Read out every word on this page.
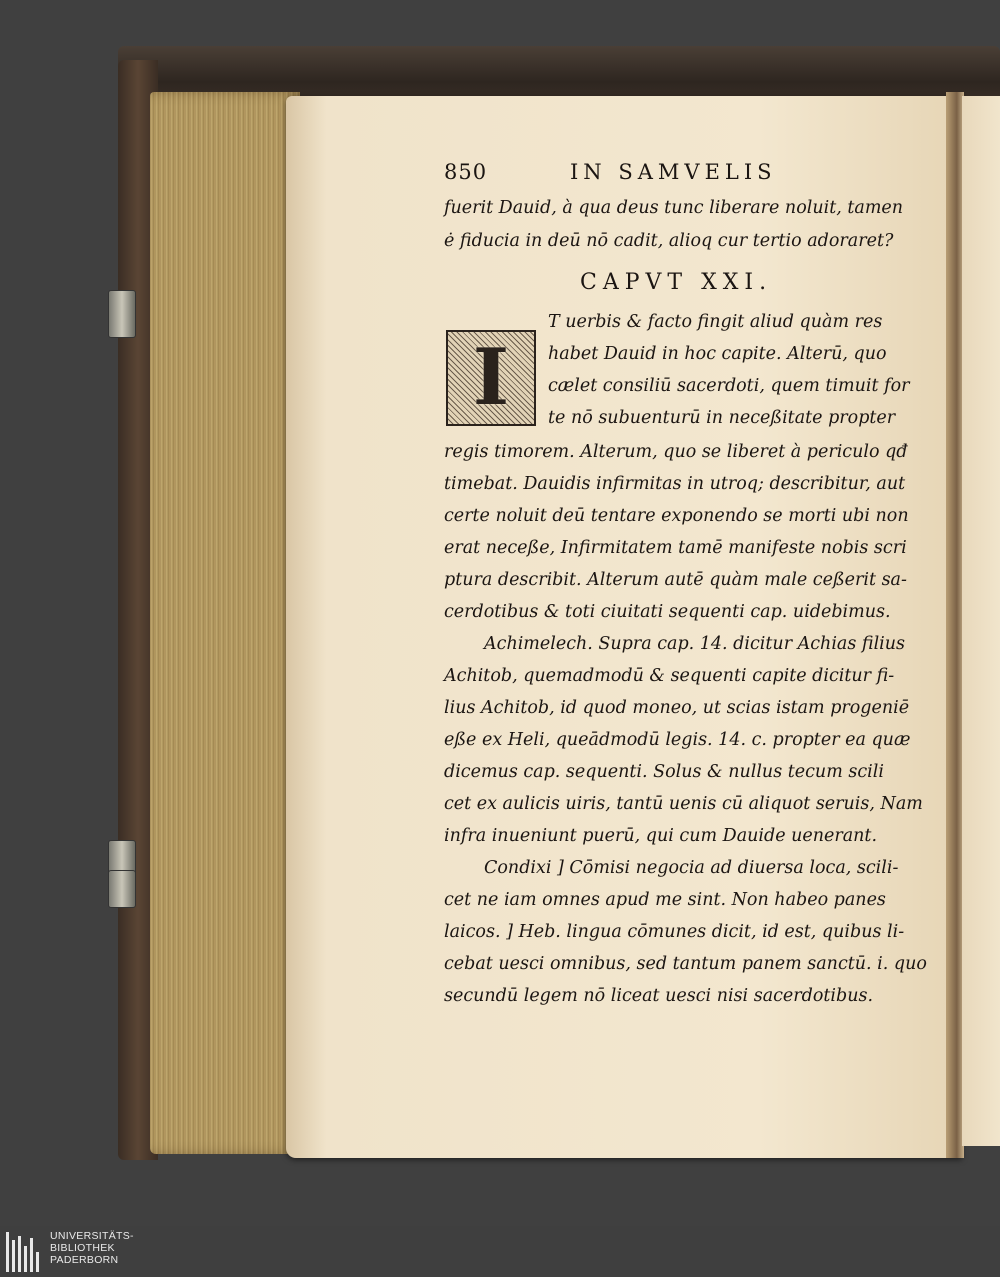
850	IN SAMVELIS
fuerit Dauid, à qua deus tunc liberare noluit, tamen
ė fiducia in deū nō cadit, alioq cur tertio adoraret?
T uerbis & facto fingit aliud quàm res
habet Dauid in hoc capite. Alterū, quo
cælet consiliū sacerdoti, quem timuit for
te nō subuenturū in neceßitate propter
regis timorem. Alterum, quo se liberet à periculo qđ
timebat. Dauidis infirmitas in utroq; describitur, aut
certe noluit deū tentare exponendo se morti ubi non
erat neceße, Infirmitatem tamē manifeste nobis scri
ptura describit. Alterum autē quàm male ceßerit sa-
cerdotibus & toti ciuitati sequenti cap. uidebimus.
Achimelech. Supra cap. 14. dicitur Achias filius
Achitob, quemadmodū & sequenti capite dicitur fi-
lius Achitob, id quod moneo, ut scias istam progeniē
eße ex Heli, queādmodū legis. 14. c. propter ea quæ
dicemus cap. sequenti. Solus & nullus tecum scili
cet ex aulicis uiris, tantū uenis cū aliquot seruis, Nam
infra inueniunt puerū, qui cum Dauide uenerant.
Condixi ] Cōmisi negocia ad diuersa loca, scili-
cet ne iam omnes apud me sint. Non habeo panes
laicos. ] Heb. lingua cōmunes dicit, id est, quibus li-
cebat uesci omnibus, sed tantum panem sanctū. i. quo
secundū legem nō liceat uesci nisi sacerdotibus.
CAPVT XXI.
I
UNIVERSITÄTS-
BIBLIOTHEK
PADERBORN
